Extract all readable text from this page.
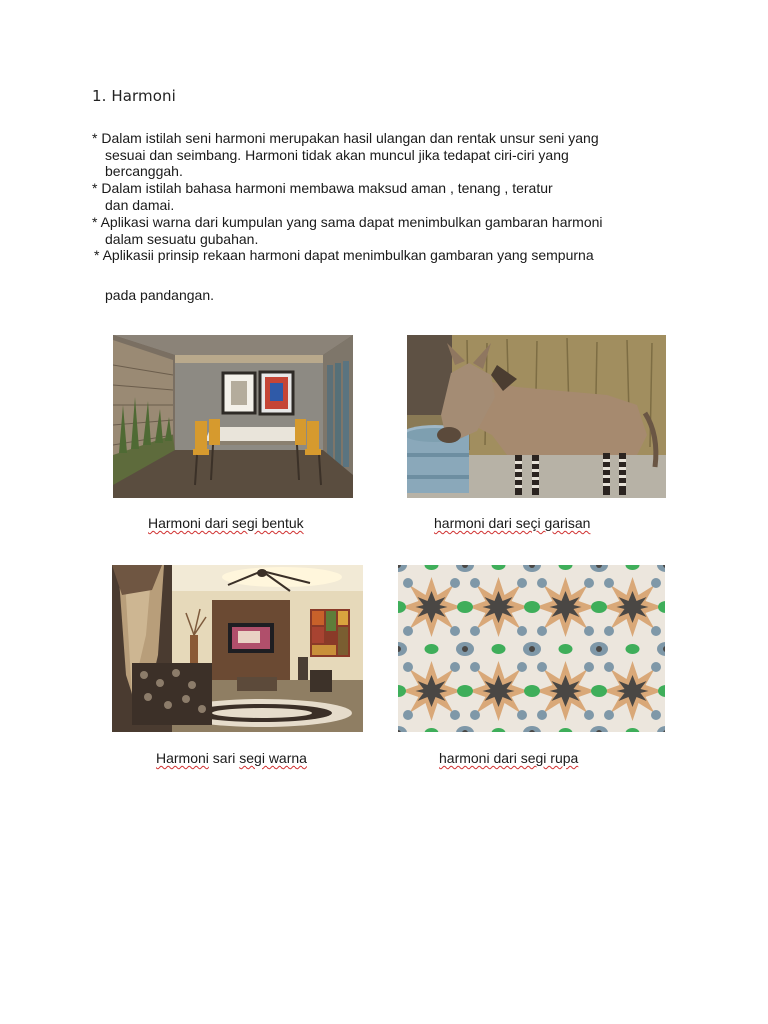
1. Harmoni
* Dalam istilah seni harmoni merupakan hasil ulangan dan rentak unsur seni yang
sesuai dan seimbang. Harmoni tidak akan muncul jika tedapat ciri-ciri yang
bercanggah.
* Dalam istilah bahasa harmoni membawa maksud aman , tenang , teratur
dan damai.
* Aplikasi warna dari kumpulan yang sama dapat menimbulkan gambaran harmoni
dalam sesuatu gubahan.
* Aplikasii prinsip rekaan harmoni dapat menimbulkan gambaran yang sempurna
pada pandangan.
Harmoni dari segi bentuk	harmoni dari seçi garisan
Harmoni sari segi warna	harmoni dari segi rupa
